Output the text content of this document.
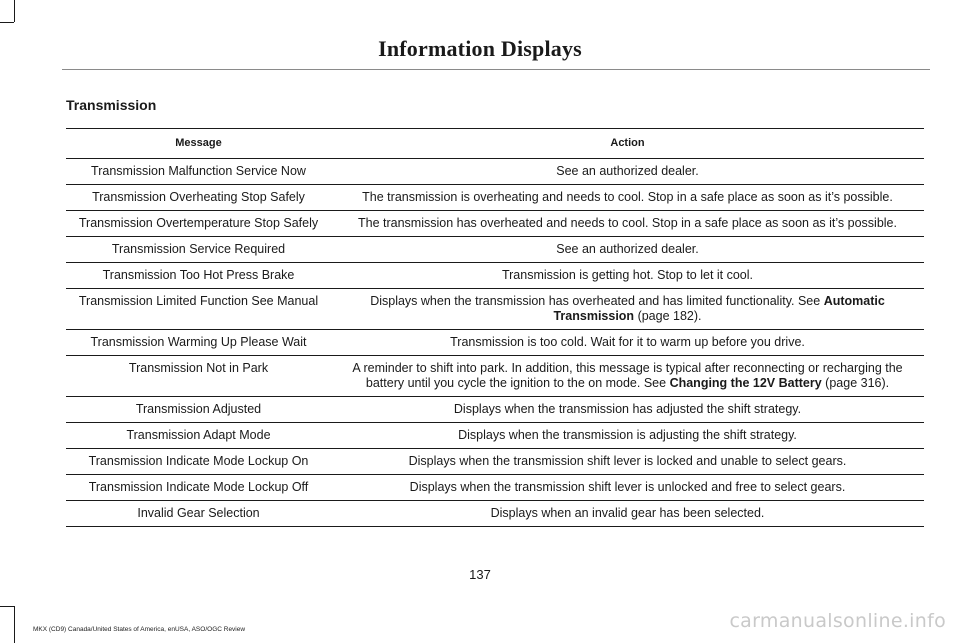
Information Displays
Transmission
Message	Action
Transmission Malfunction Service Now	See an authorized dealer.
Transmission Overheating Stop Safely	The transmission is overheating and needs to cool. Stop in a safe place as soon as it’s possible.
Transmission Overtemperature Stop Safely	The transmission has overheated and needs to cool. Stop in a safe place as soon as it’s possible.
Transmission Service Required	See an authorized dealer.
Transmission Too Hot Press Brake	Transmission is getting hot. Stop to let it cool.
Transmission Limited Function See Manual	Displays when the transmission has overheated and has limited functionality. See Automatic Transmission (page 182).
Transmission Warming Up Please Wait	Transmission is too cold. Wait for it to warm up before you drive.
Transmission Not in Park	A reminder to shift into park. In addition, this message is typical after reconnecting or recharging the battery until you cycle the ignition to the on mode. See Changing the 12V Battery (page 316).
Transmission Adjusted	Displays when the transmission has adjusted the shift strategy.
Transmission Adapt Mode	Displays when the transmission is adjusting the shift strategy.
Transmission Indicate Mode Lockup On	Displays when the transmission shift lever is locked and unable to select gears.
Transmission Indicate Mode Lockup Off	Displays when the transmission shift lever is unlocked and free to select gears.
Invalid Gear Selection	Displays when an invalid gear has been selected.
137
MKX (CD9) Canada/United States of America, enUSA, ASO/OGC Review	carmanualsonline.info
